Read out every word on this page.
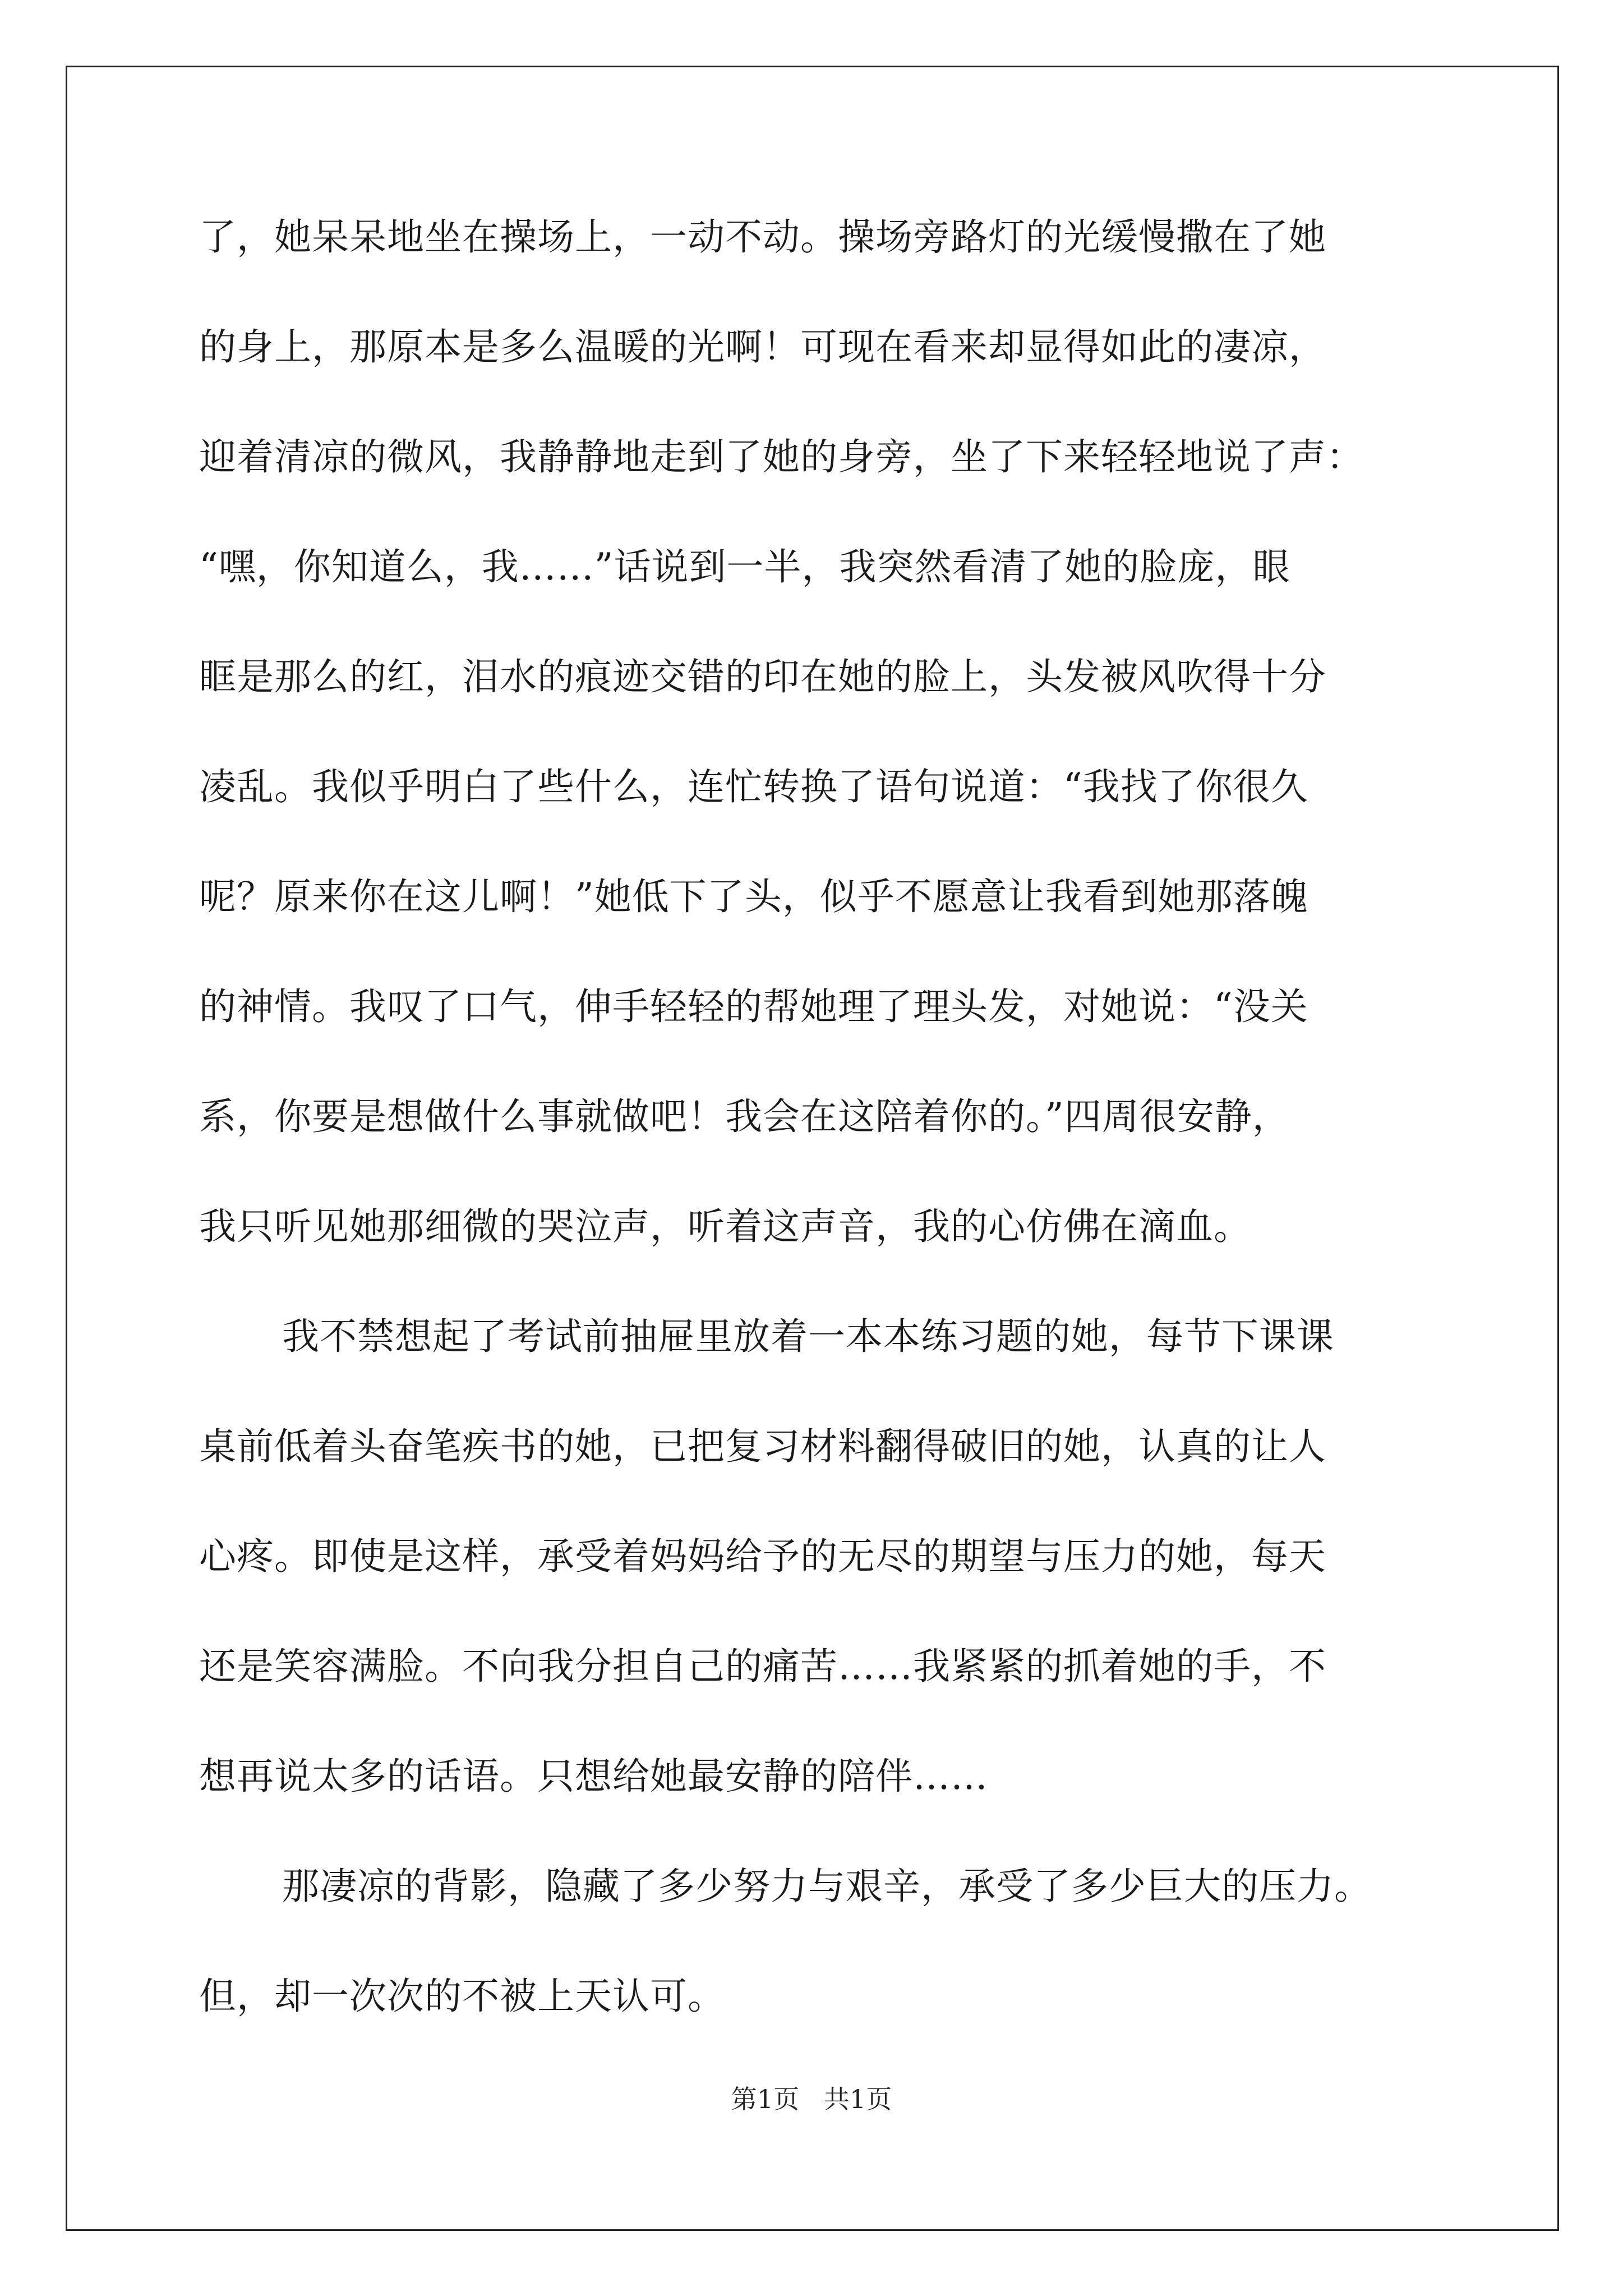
了，她呆呆地坐在操场上，一动不动。操场旁路灯的光缓慢撒在了她
的身上，那原本是多么温暖的光啊！可现在看来却显得如此的凄凉，
迎着清凉的微风，我静静地走到了她的身旁，坐了下来轻轻地说了声：
“嘿，你知道么，我……”话说到一半，我突然看清了她的脸庞，眼
眶是那么的红，泪水的痕迹交错的印在她的脸上，头发被风吹得十分
凌乱。我似乎明白了些什么，连忙转换了语句说道：“我找了你很久
呢？原来你在这儿啊！”她低下了头，似乎不愿意让我看到她那落魄
的神情。我叹了口气，伸手轻轻的帮她理了理头发，对她说：“没关
系，你要是想做什么事就做吧！我会在这陪着你的。”四周很安静，
我只听见她那细微的哭泣声，听着这声音，我的心仿佛在滴血。
我不禁想起了考试前抽屉里放着一本本练习题的她，每节下课课
桌前低着头奋笔疾书的她，已把复习材料翻得破旧的她，认真的让人
心疼。即使是这样，承受着妈妈给予的无尽的期望与压力的她，每天
还是笑容满脸。不向我分担自己的痛苦……我紧紧的抓着她的手，不
想再说太多的话语。只想给她最安静的陪伴……
那凄凉的背影，隐藏了多少努力与艰辛，承受了多少巨大的压力。
但，却一次次的不被上天认可。
第1页   共1页
